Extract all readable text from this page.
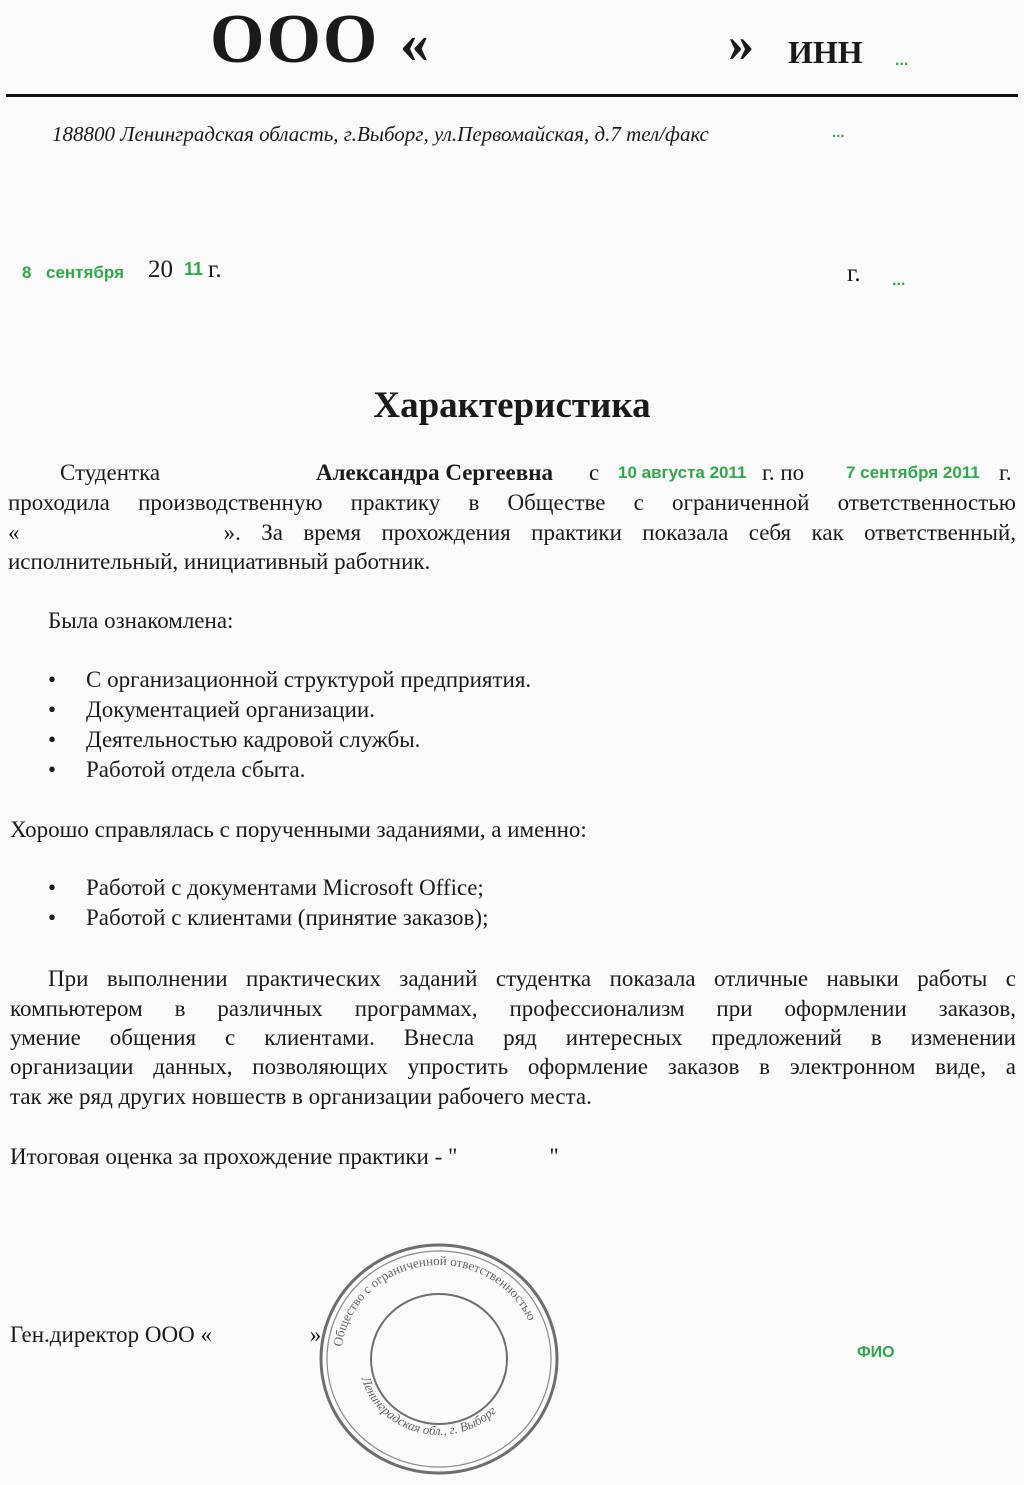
ООО «	» ИНН ...
188800 Ленинградская область, г.Выборг, ул.Первомайская, д.7 тел/факс	...
8 сентября 20 11 г.	г. ...
Характеристика
Студентка	Александра Сергеевна с 10 августа 2011 г. по 7 сентября 2011 г.
проходила производственную практику в Обществе с ограниченной ответственностью
«          ». За время прохождения практики показала себя как ответственный,
исполнительный, инициативный работник.
Была ознакомлена:
• С организационной структурой предприятия.
• Документацией организации.
• Деятельностью кадровой службы.
• Работой отдела сбыта.
Хорошо справлялась с порученными заданиями, а именно:
• Работой с документами Microsoft Office;
• Работой с клиентами (принятие заказов);
При выполнении практических заданий студентка показала отличные навыки работы с
компьютером в различных программах, профессионализм при оформлении заказов,
умение общения с клиентами. Внесла ряд интересных предложений в изменении
организации данных, позволяющих упростить оформление заказов в электронном виде, а
так же ряд других новшеств в организации рабочего места.
Итоговая оценка за прохождение практики - "                "
Общество с ограниченной ответственностью
Ленинградская обл., г. Выборг
Ген.директор ООО «                 »
ФИО
